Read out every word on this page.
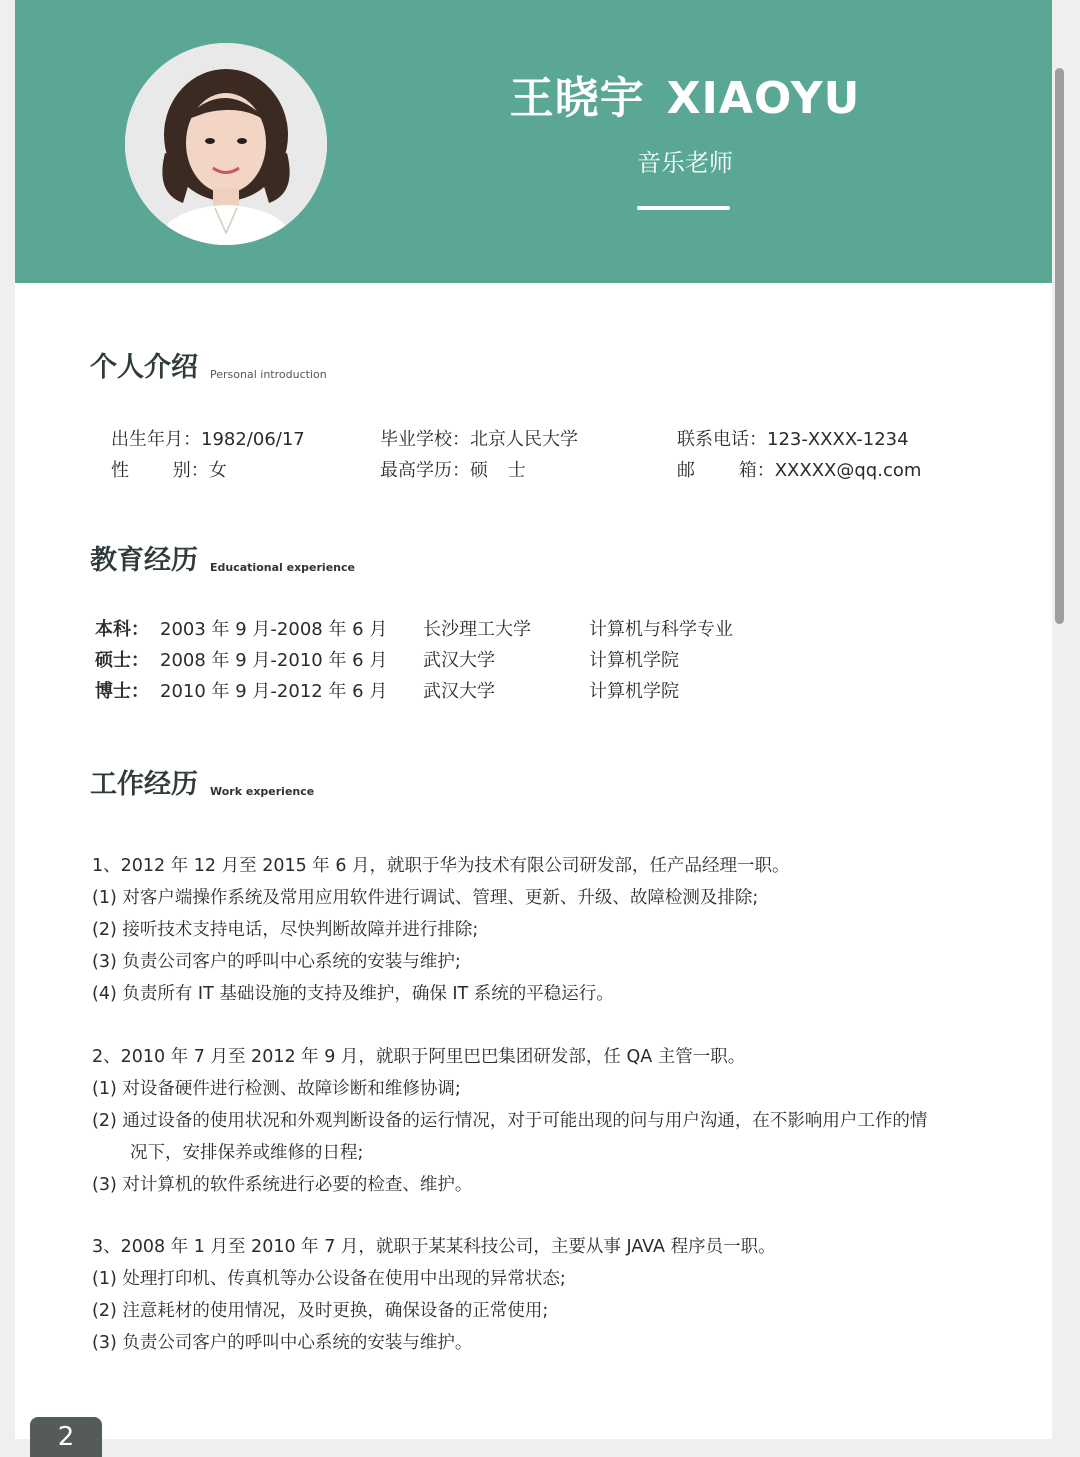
王晓宇 XIAOYU
音乐老师
个人介绍 Personal introduction
出生年月：1982/06/17	毕业学校：北京人民大学	联系电话：123-XXXX-1234
性 别：女	最高学历：硕 士	邮 箱：XXXXX@qq.com
教育经历 Educational experience
本科： 2003 年 9 月-2008 年 6 月 长沙理工大学	计算机与科学专业
硕士： 2008 年 9 月-2010 年 6 月 武汉大学	计算机学院
博士： 2010 年 9 月-2012 年 6 月 武汉大学	计算机学院
工作经历 Work experience
1、2012 年 12 月至 2015 年 6 月，就职于华为技术有限公司研发部，任产品经理一职。
(1) 对客户端操作系统及常用应用软件进行调试、管理、更新、升级、故障检测及排除;
(2) 接听技术支持电话，尽快判断故障并进行排除;
(3) 负责公司客户的呼叫中心系统的安装与维护;
(4) 负责所有 IT 基础设施的支持及维护，确保 IT 系统的平稳运行。
2、2010 年 7 月至 2012 年 9 月，就职于阿里巴巴集团研发部，任 QA 主管一职。
(1) 对设备硬件进行检测、故障诊断和维修协调;
(2) 通过设备的使用状况和外观判断设备的运行情况，对于可能出现的问与用户沟通，在不影响用户工作的情
况下，安排保养或维修的日程;
(3) 对计算机的软件系统进行必要的检查、维护。
3、2008 年 1 月至 2010 年 7 月，就职于某某科技公司，主要从事 JAVA 程序员一职。
(1) 处理打印机、传真机等办公设备在使用中出现的异常状态;
(2) 注意耗材的使用情况，及时更换，确保设备的正常使用;
(3) 负责公司客户的呼叫中心系统的安装与维护。
2
